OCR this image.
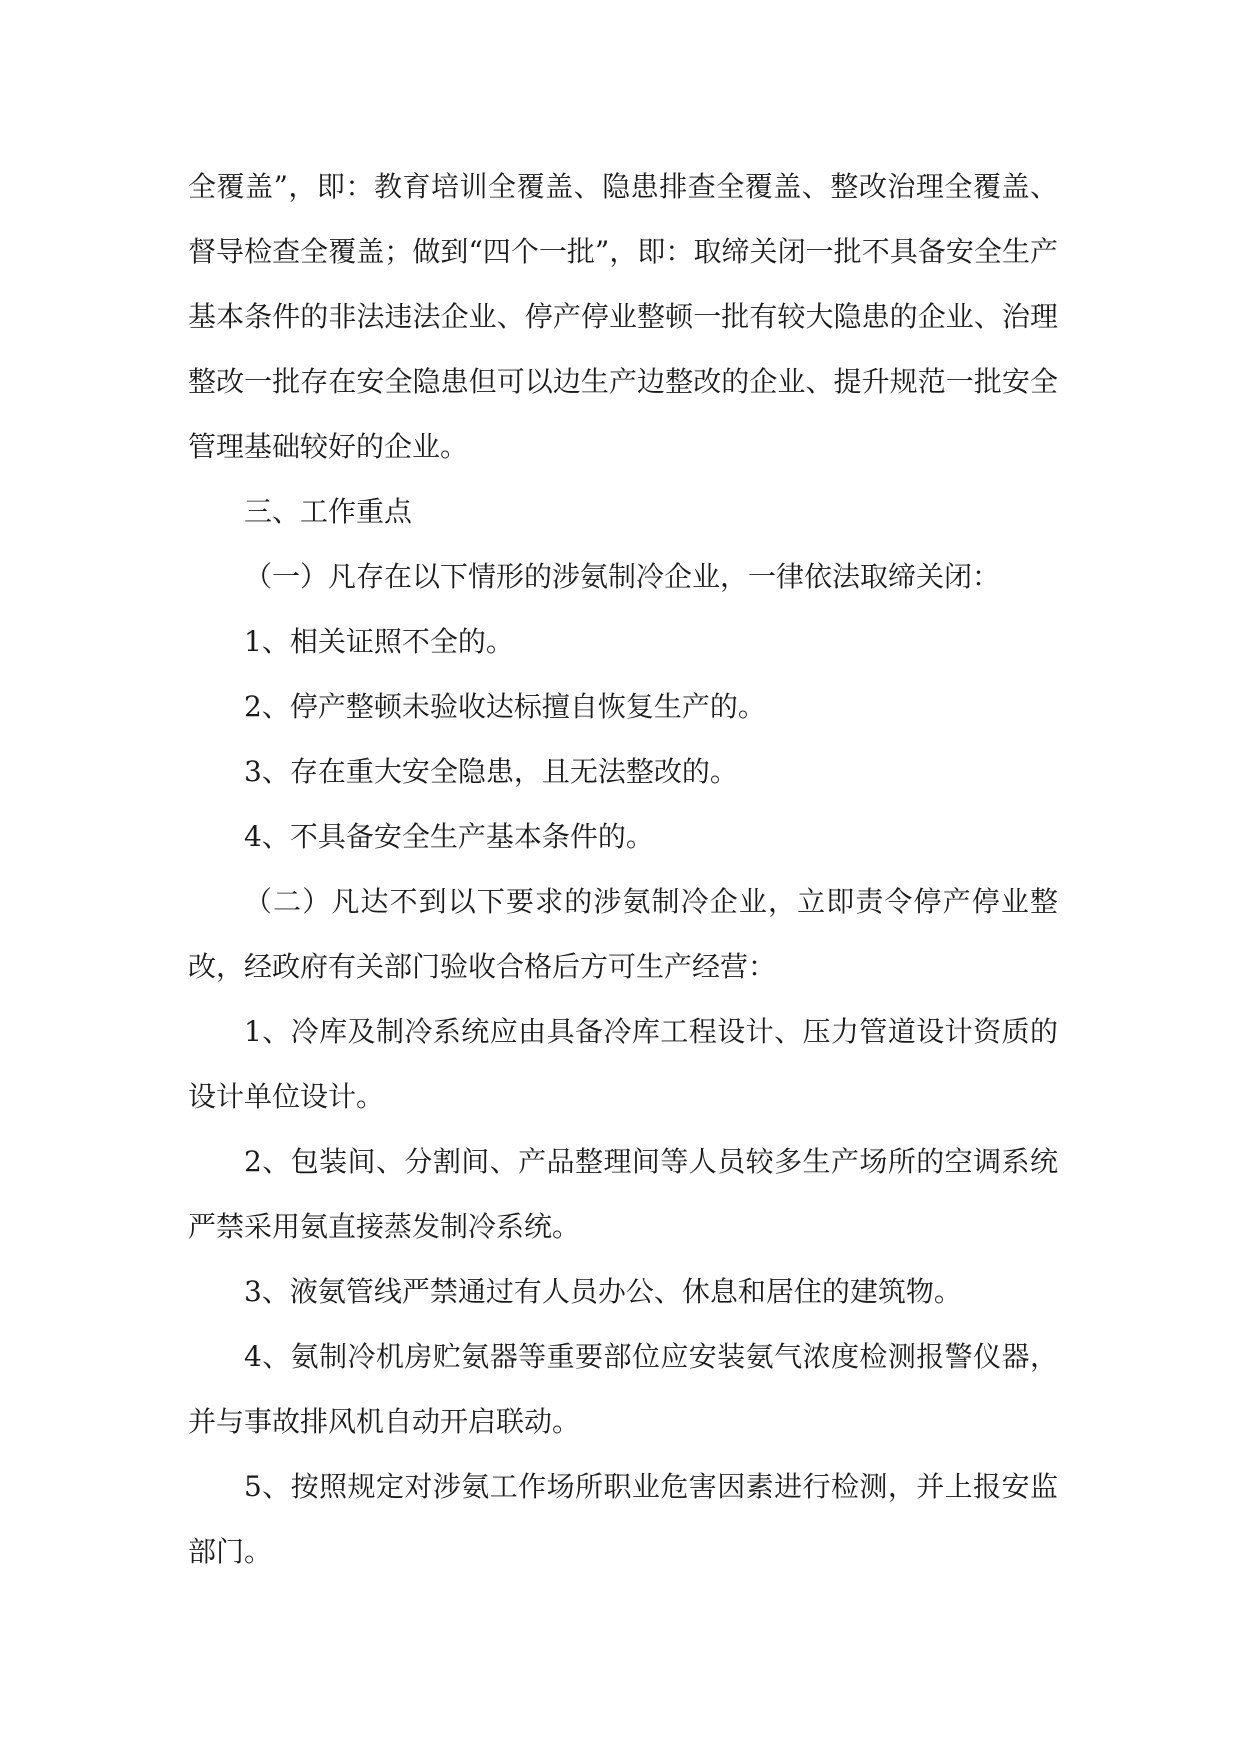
全覆盖”，即：教育培训全覆盖、隐患排查全覆盖、整改治理全覆盖、督导检查全覆盖；做到“四个一批”，即：取缔关闭一批不具备安全生产基本条件的非法违法企业、停产停业整顿一批有较大隐患的企业、治理整改一批存在安全隐患但可以边生产边整改的企业、提升规范一批安全管理基础较好的企业。

三、工作重点

（一）凡存在以下情形的涉氨制冷企业，一律依法取缔关闭：

1、相关证照不全的。

2、停产整顿未验收达标擅自恢复生产的。

3、存在重大安全隐患，且无法整改的。

4、不具备安全生产基本条件的。

（二）凡达不到以下要求的涉氨制冷企业，立即责令停产停业整改，经政府有关部门验收合格后方可生产经营：

1、冷库及制冷系统应由具备冷库工程设计、压力管道设计资质的设计单位设计。

2、包装间、分割间、产品整理间等人员较多生产场所的空调系统严禁采用氨直接蒸发制冷系统。

3、液氨管线严禁通过有人员办公、休息和居住的建筑物。

4、氨制冷机房贮氨器等重要部位应安装氨气浓度检测报警仪器，并与事故排风机自动开启联动。

5、按照规定对涉氨工作场所职业危害因素进行检测，并上报安监部门。
